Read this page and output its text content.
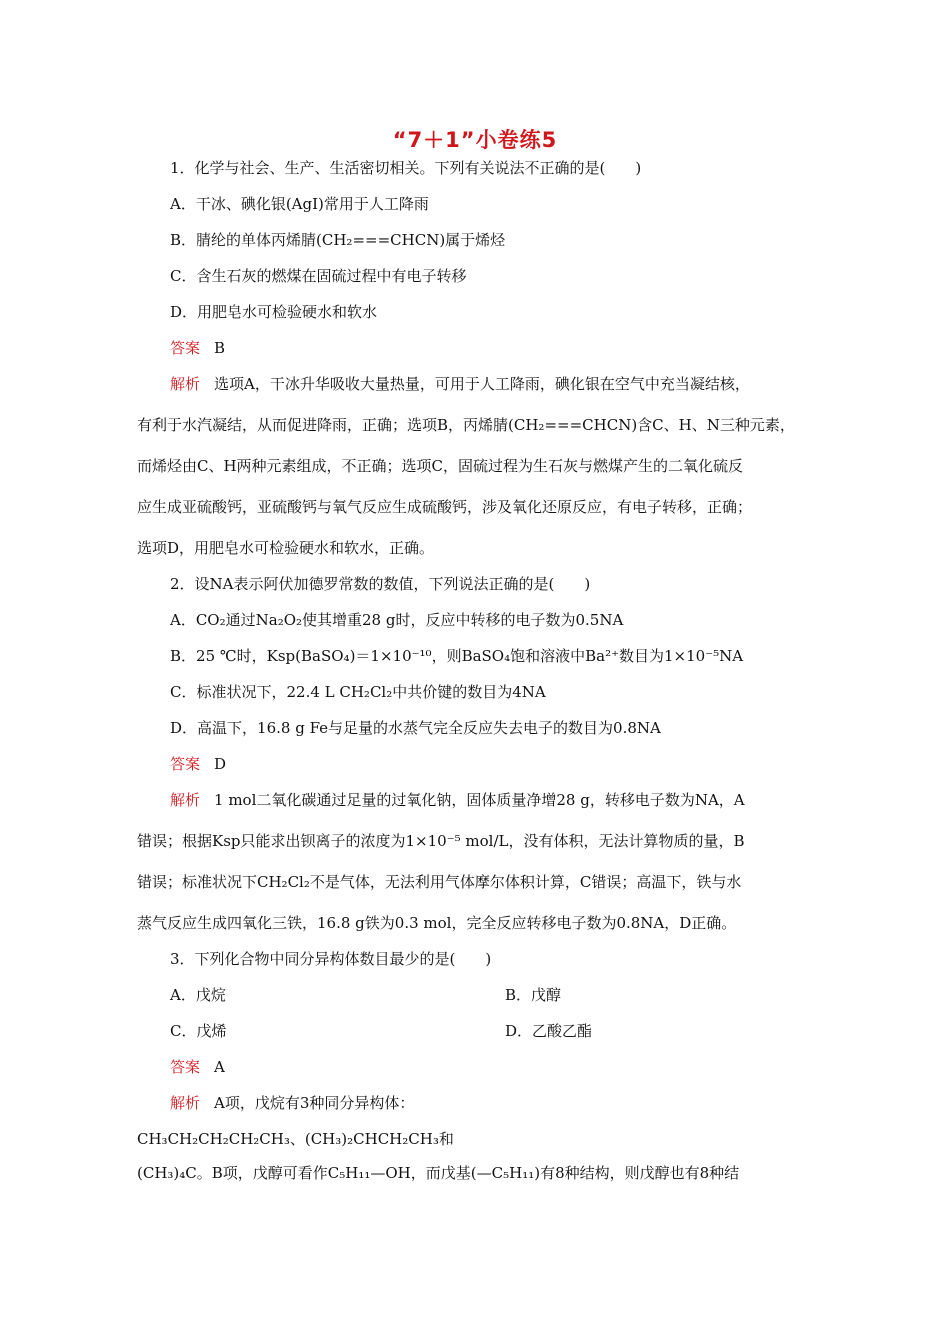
“7＋1”小卷练5
1．化学与社会、生产、生活密切相关。下列有关说法不正确的是(　　)
A．干冰、碘化银(AgI)常用于人工降雨
B．腈纶的单体丙烯腈(CH₂===CHCN)属于烯烃
C．含生石灰的燃煤在固硫过程中有电子转移
D．用肥皂水可检验硬水和软水
答案 B
解析 选项A，干冰升华吸收大量热量，可用于人工降雨，碘化银在空气中充当凝结核，
有利于水汽凝结，从而促进降雨，正确；选项B，丙烯腈(CH₂===CHCN)含C、H、N三种元素，
而烯烃由C、H两种元素组成，不正确；选项C，固硫过程为生石灰与燃煤产生的二氧化硫反
应生成亚硫酸钙，亚硫酸钙与氧气反应生成硫酸钙，涉及氧化还原反应，有电子转移，正确；
选项D，用肥皂水可检验硬水和软水，正确。
2．设NA表示阿伏加德罗常数的数值，下列说法正确的是(　　)
A．CO₂通过Na₂O₂使其增重28 g时，反应中转移的电子数为0.5NA
B．25 ℃时，Ksp(BaSO₄)＝1×10⁻¹⁰，则BaSO₄饱和溶液中Ba²⁺数目为1×10⁻⁵NA
C．标准状况下，22.4 L CH₂Cl₂中共价键的数目为4NA
D．高温下，16.8 g Fe与足量的水蒸气完全反应失去电子的数目为0.8NA
答案 D
解析 1 mol二氧化碳通过足量的过氧化钠，固体质量净增28 g，转移电子数为NA，A
错误；根据Ksp只能求出钡离子的浓度为1×10⁻⁵ mol/L，没有体积，无法计算物质的量，B
错误；标准状况下CH₂Cl₂不是气体，无法利用气体摩尔体积计算，C错误；高温下，铁与水
蒸气反应生成四氧化三铁，16.8 g铁为0.3 mol，完全反应转移电子数为0.8NA，D正确。
3．下列化合物中同分异构体数目最少的是(　　)
A．戊烷	B．戊醇
C．戊烯	D．乙酸乙酯
答案 A
解析 A项，戊烷有3种同分异构体：
CH₃CH₂CH₂CH₂CH₃、(CH₃)₂CHCH₂CH₃和
(CH₃)₄C。B项，戊醇可看作C₅H₁₁—OH，而戊基(—C₅H₁₁)有8种结构，则戊醇也有8种结
